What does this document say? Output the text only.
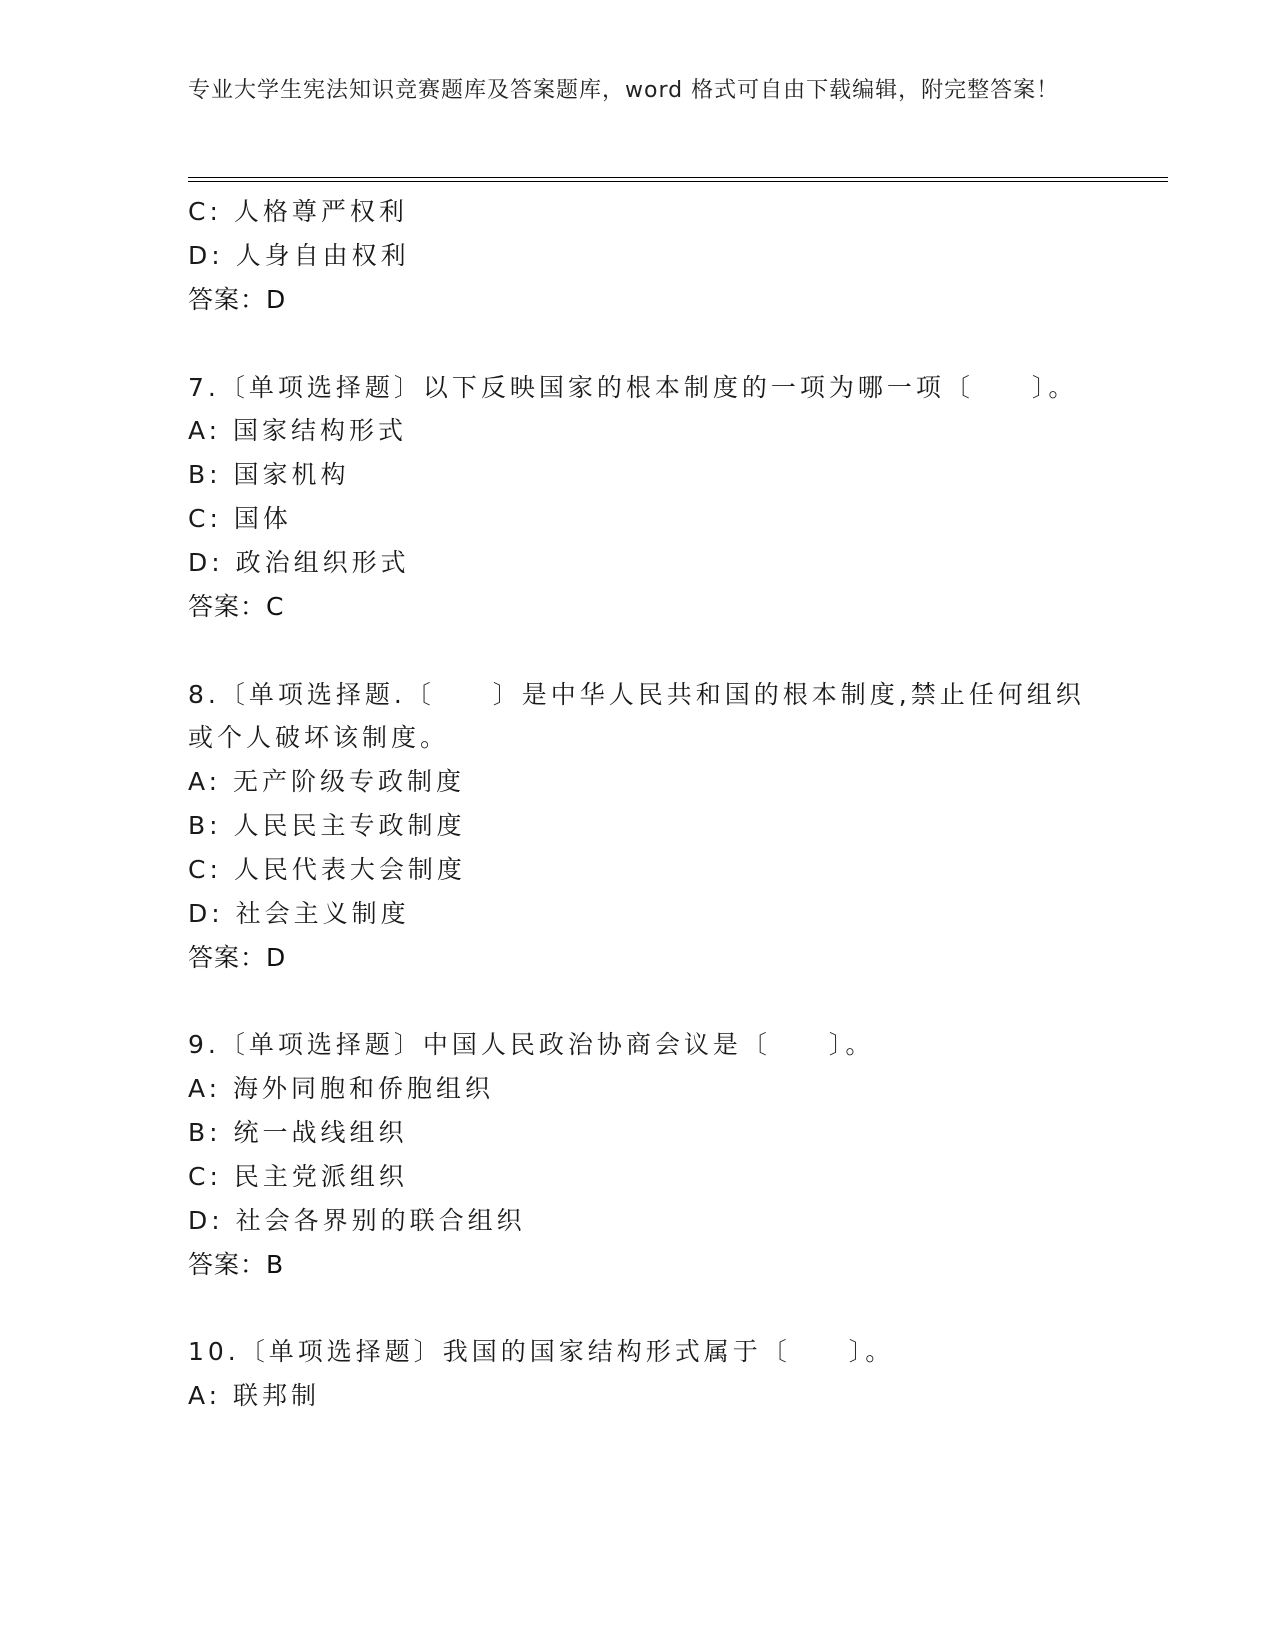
专业大学生宪法知识竞赛题库及答案题库，word 格式可自由下载编辑，附完整答案！
C: 人格尊严权利
D: 人身自由权利
答案：D
7.〔单项选择题〕以下反映国家的根本制度的一项为哪一项〔　　〕。
A: 国家结构形式
B: 国家机构
C: 国体
D: 政治组织形式
答案：C
8.〔单项选择题.〔　　〕是中华人民共和国的根本制度,禁止任何组织
或个人破坏该制度。
A: 无产阶级专政制度
B: 人民民主专政制度
C: 人民代表大会制度
D: 社会主义制度
答案：D
9.〔单项选择题〕中国人民政治协商会议是〔　　〕。
A: 海外同胞和侨胞组织
B: 统一战线组织
C: 民主党派组织
D: 社会各界别的联合组织
答案：B
10.〔单项选择题〕我国的国家结构形式属于〔　　〕。
A: 联邦制
